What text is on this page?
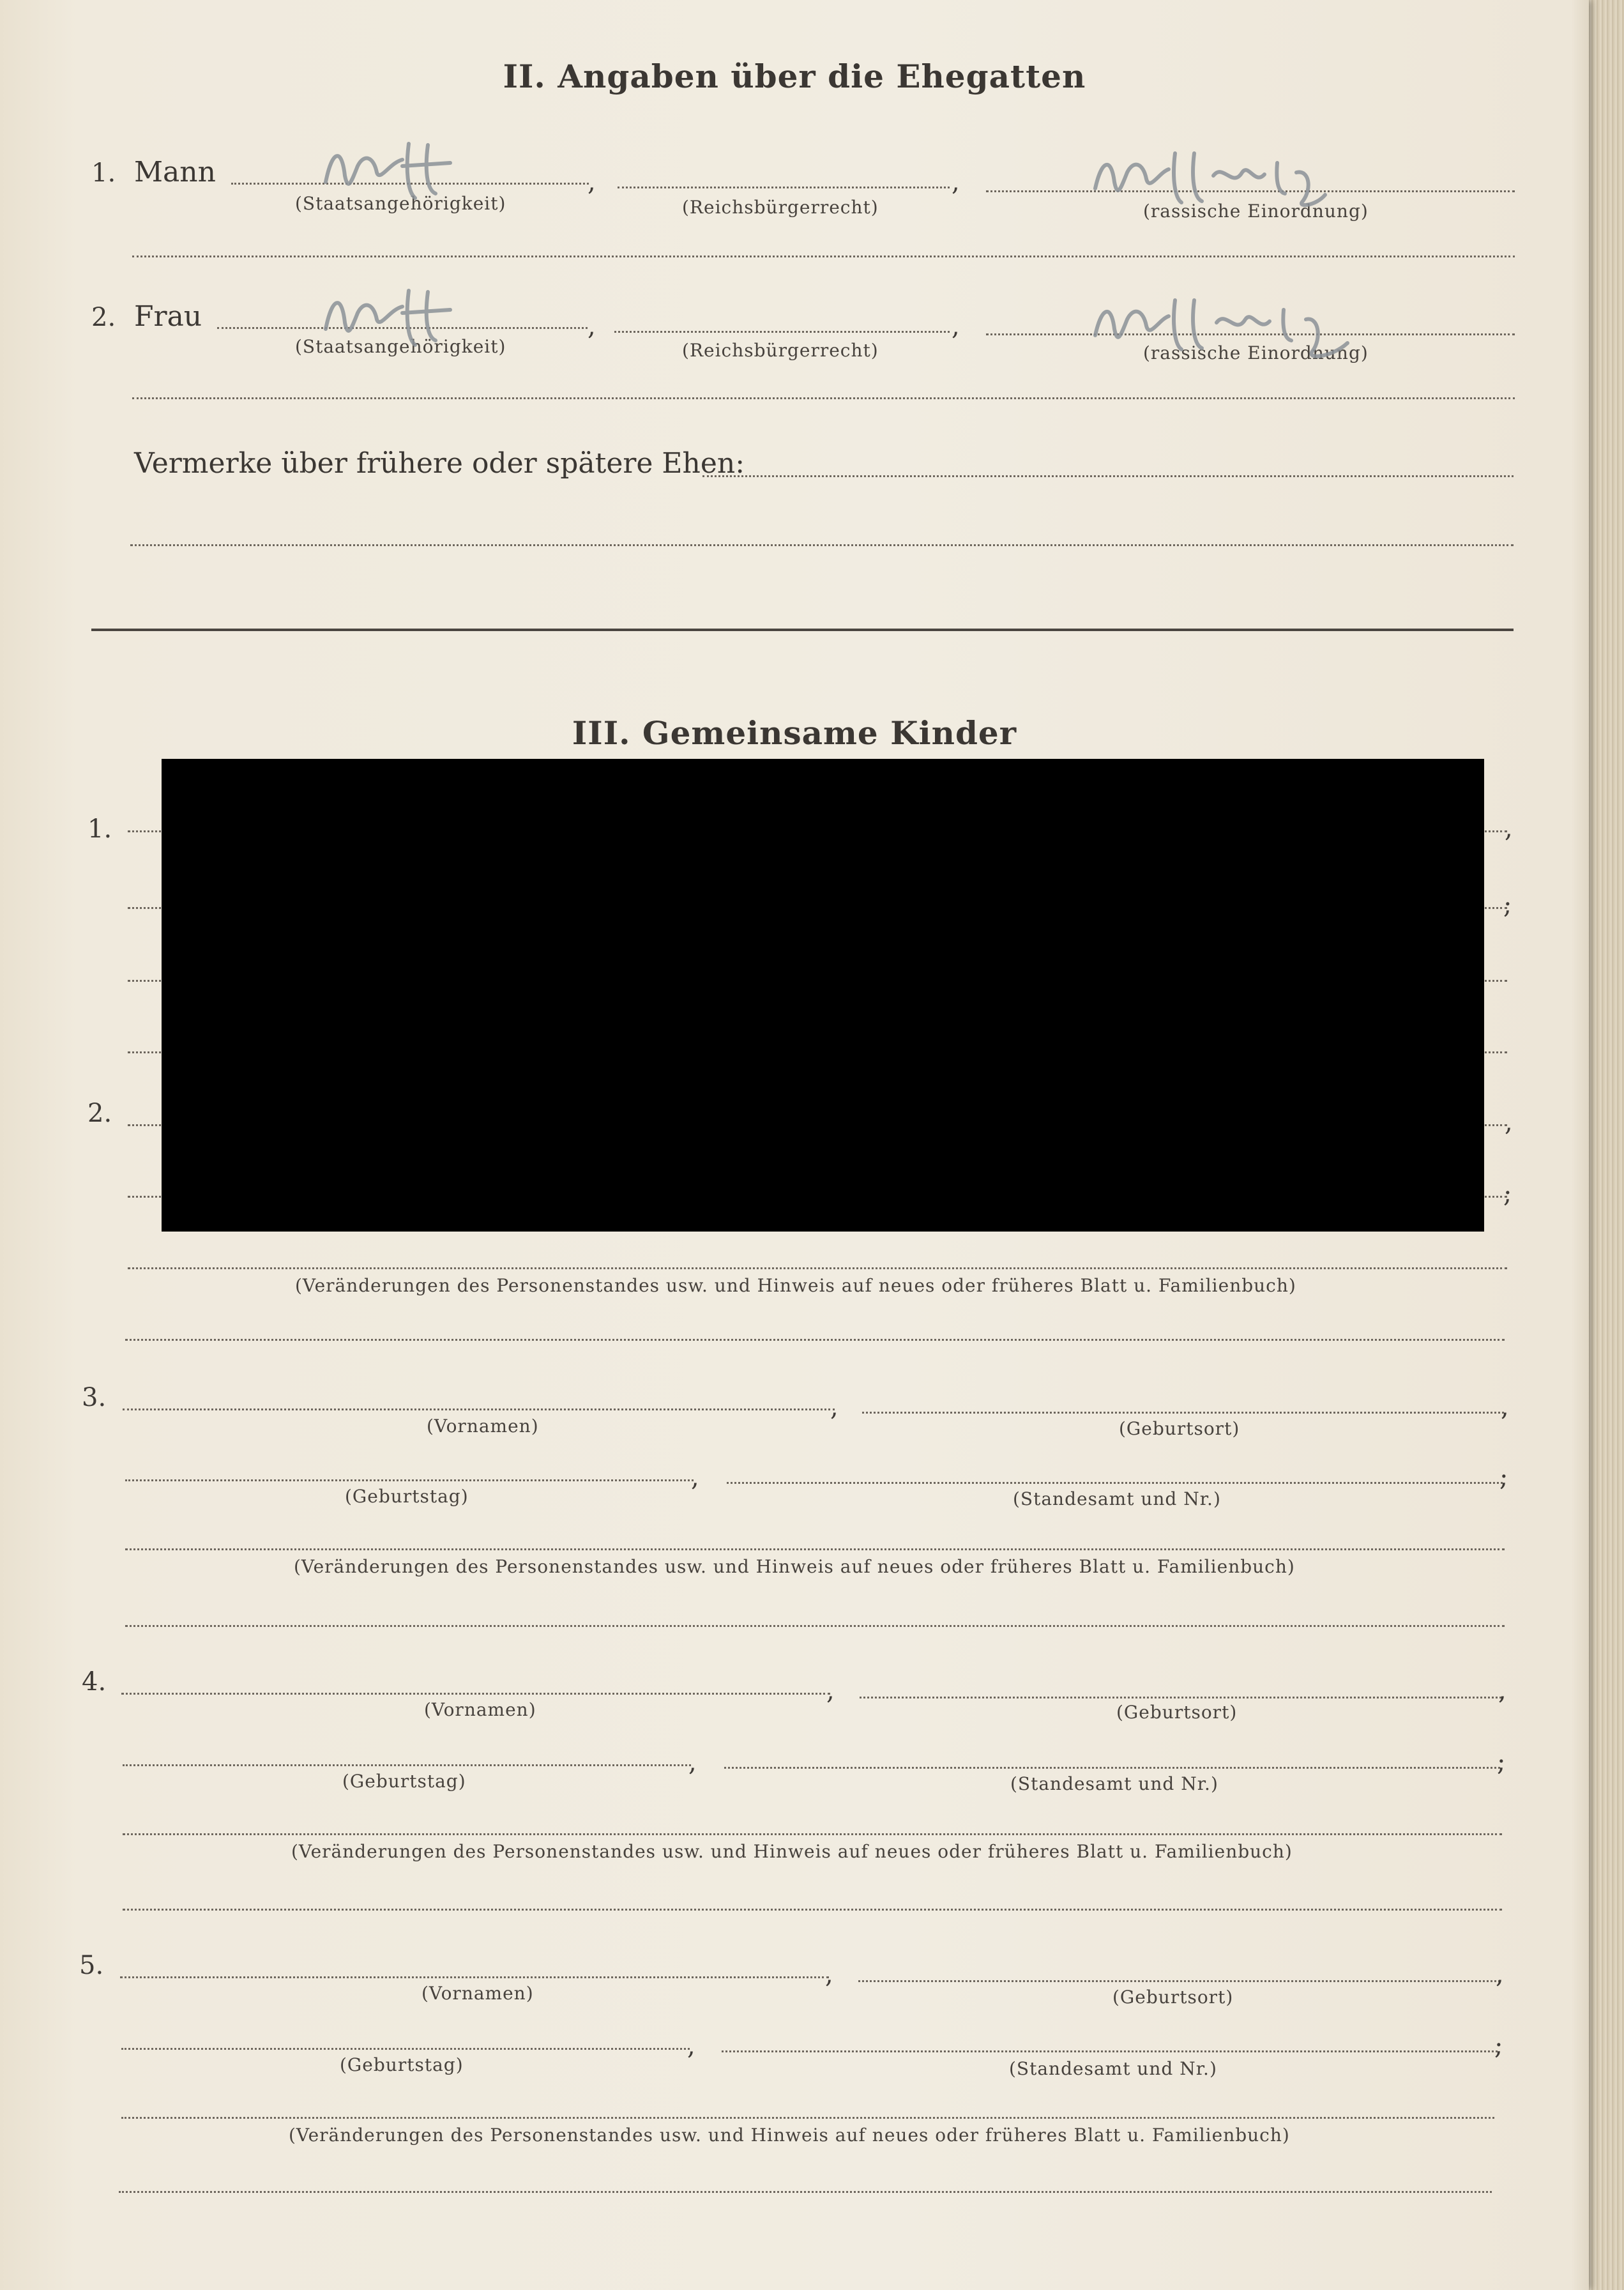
II. Angaben über die Ehegatten
1. Mann	,	,
(Staatsangehörigkeit)	(Reichsbürgerrecht)	(rassische Einordnung)
2. Frau	,	,
(Staatsangehörigkeit)	(Reichsbürgerrecht)	(rassische Einordnung)
Vermerke über frühere oder spätere Ehen:
III. Gemeinsame Kinder
1.	,
;
2.	,
;
(Veränderungen des Personenstandes usw. und Hinweis auf neues oder früheres Blatt u. Familienbuch)
3.	,	,
(Vornamen)	(Geburtsort)
,	;
(Geburtstag)	(Standesamt und Nr.)
(Veränderungen des Personenstandes usw. und Hinweis auf neues oder früheres Blatt u. Familienbuch)
4.	,	,
(Vornamen)	(Geburtsort)
,	;
(Geburtstag)	(Standesamt und Nr.)
(Veränderungen des Personenstandes usw. und Hinweis auf neues oder früheres Blatt u. Familienbuch)
5.	,	,
(Vornamen)	(Geburtsort)
,	;
(Geburtstag)	(Standesamt und Nr.)
(Veränderungen des Personenstandes usw. und Hinweis auf neues oder früheres Blatt u. Familienbuch)
